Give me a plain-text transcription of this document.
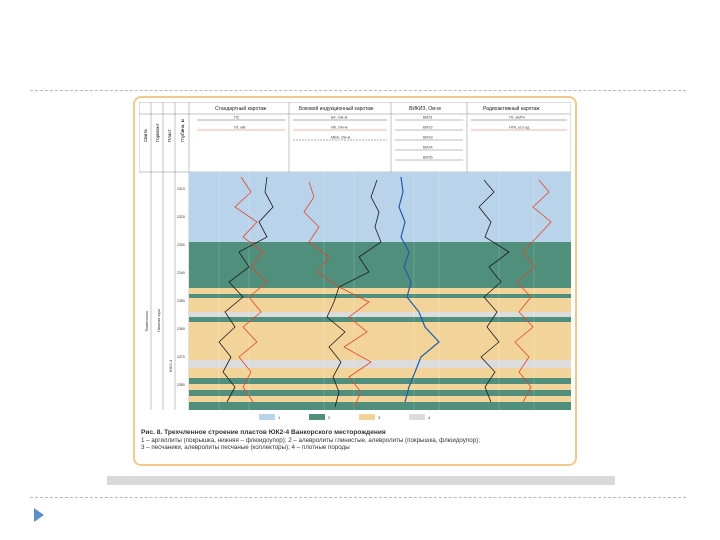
Свита Горизонт Пласт Глубина, м
Стандартный каротаж	Боковой индукционный каротаж	ВИКИЗ, Ом·м	Радиоактивный каротаж
ПС
ГК, мВ
БК, Ом·м
ИК, Ом·м
МБК, Ом·м
ВИЗ1
ВИЗ2
ВИЗ3
ВИЗ4
ВИЗ5
ГК, мкР/ч
НГК, усл.ед
2310
2320
2330
2340
2350
2360
2370
2380
Тюменская Нижняя юра
ЮК2-4
1	2	3	4
Рис. 8. Трехчленное строение пластов ЮК2-4 Ванкорского месторождения
1 – аргиллиты (покрышка, нижняя – флюидоупор); 2 – алевролиты глинистые, алевролиты (покрышка, флюидоупор);
3 – песчаники, алевролиты песчаные (коллекторы); 4 – плотные породы
